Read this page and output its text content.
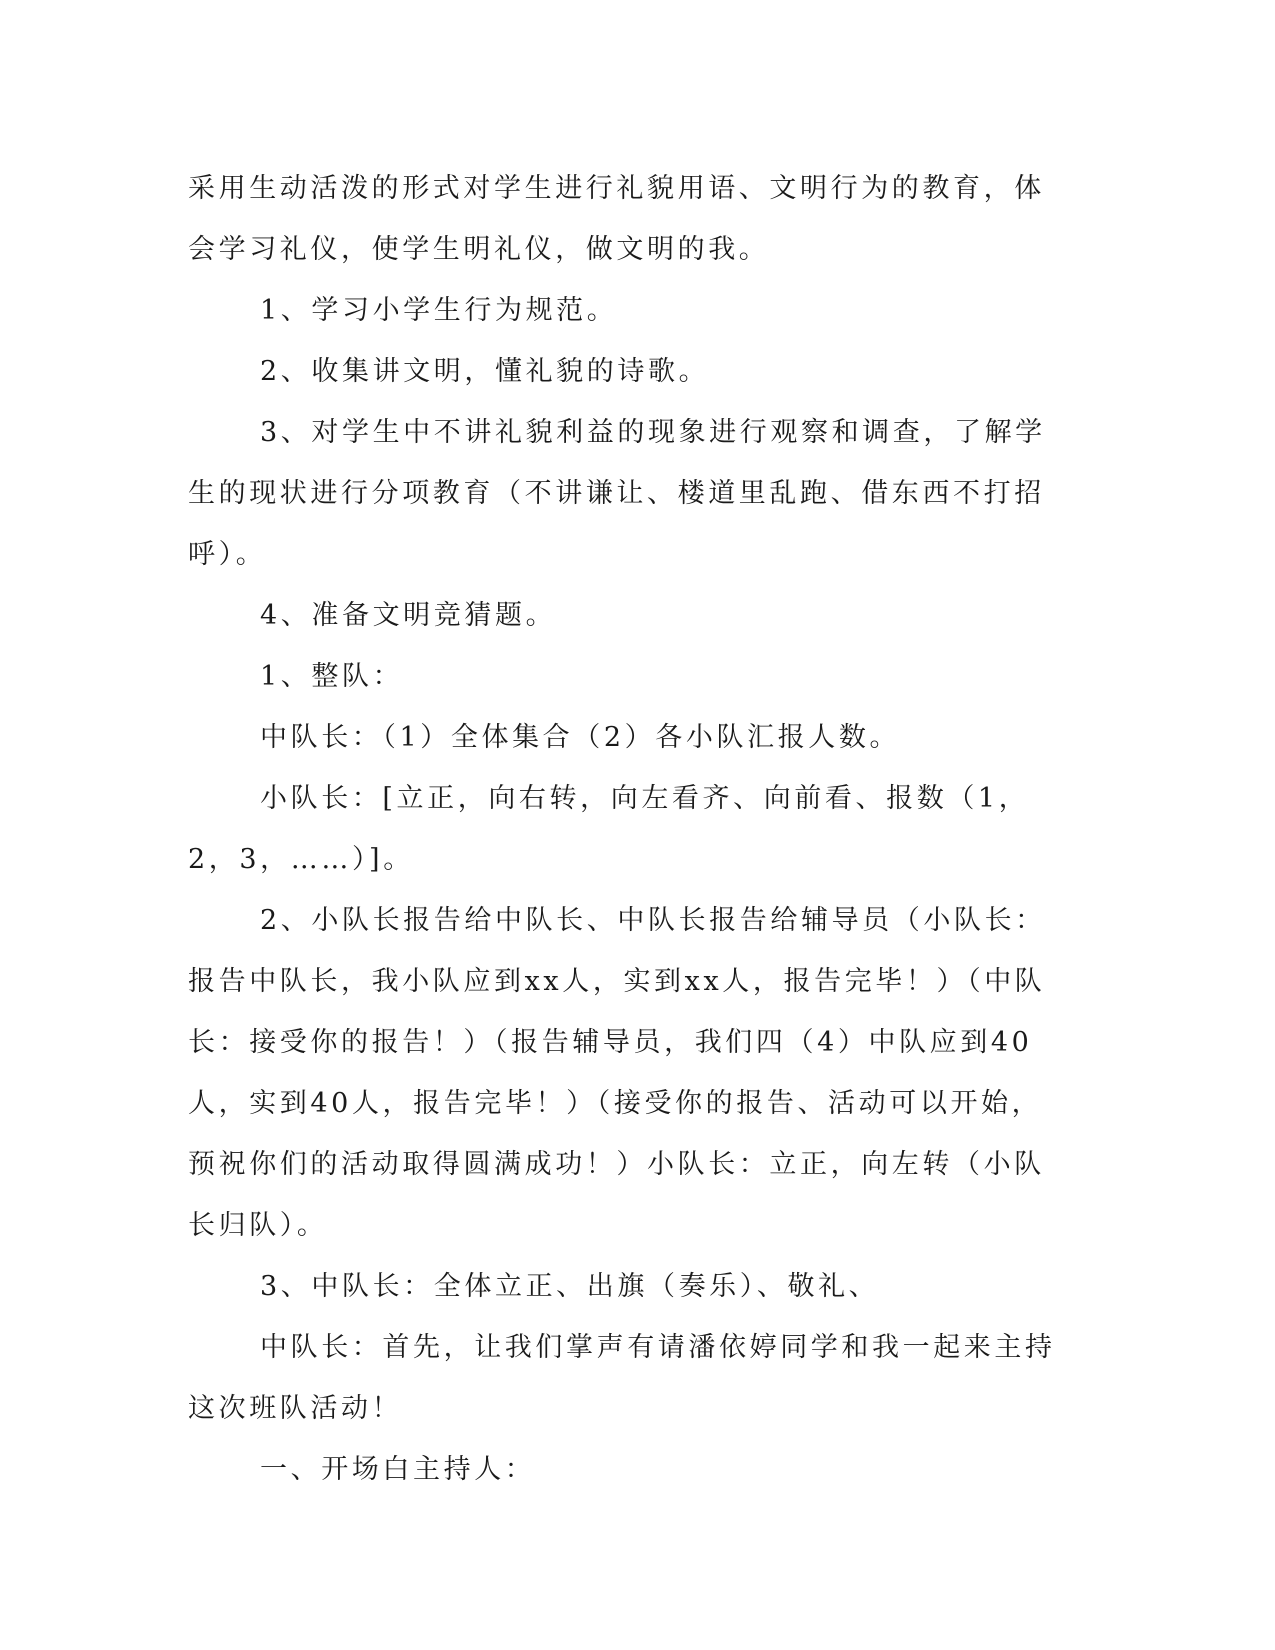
采用生动活泼的形式对学生进行礼貌用语、文明行为的教育，体会学习礼仪，使学生明礼仪，做文明的我。

1、学习小学生行为规范。

2、收集讲文明，懂礼貌的诗歌。

3、对学生中不讲礼貌利益的现象进行观察和调查，了解学生的现状进行分项教育（不讲谦让、楼道里乱跑、借东西不打招呼）。

4、准备文明竞猜题。

1、整队：

中队长：（1）全体集合（2）各小队汇报人数。

小队长：[立正，向右转，向左看齐、向前看、报数（1，2，3，……）]。

2、小队长报告给中队长、中队长报告给辅导员（小队长：报告中队长，我小队应到xx人，实到xx人，报告完毕！）（中队长：接受你的报告！）（报告辅导员，我们四（4）中队应到40人，实到40人，报告完毕！）（接受你的报告、活动可以开始，预祝你们的活动取得圆满成功！）小队长：立正，向左转（小队长归队）。

3、中队长：全体立正、出旗（奏乐）、敬礼、

中队长：首先，让我们掌声有请潘依婷同学和我一起来主持这次班队活动！

一、开场白主持人：
